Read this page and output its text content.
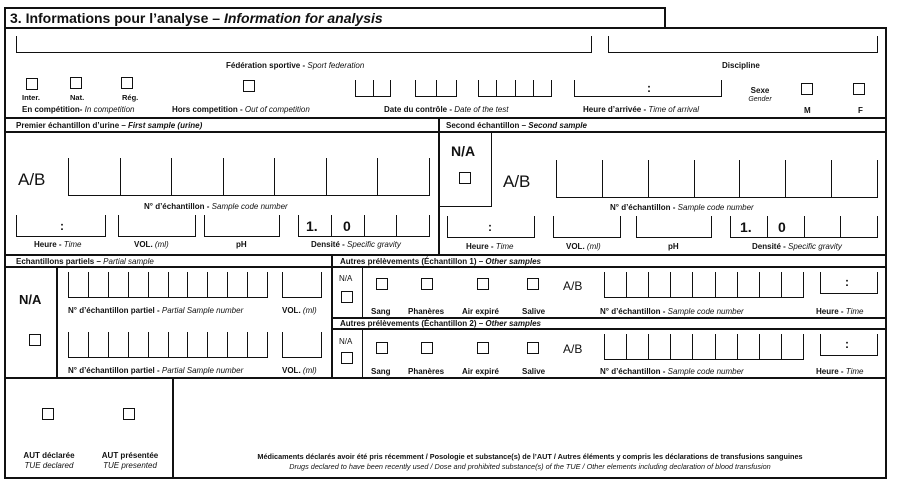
3. Informations pour l’analyse – Information for analysis
Fédération sportive - Sport federation	Discipline
Inter.	Nat.	Rég.
En compétition- In competition	Hors competition - Out of competition	Date du contrôle - Date of the test
:
Heure d’arrivée - Time of arrival
Sexe
Gender
M	F
Premier échantillon d’urine – First sample (urine)
A/B
N° d’échantillon - Sample code number
:	1. 0
Heure - Time	VOL. (ml)	pH	Densité - Specific gravity
Second échantillon – Second sample
N/A
A/B
N° d’échantillon - Sample code number
:	1. 0
Heure - Time	VOL. (ml)	pH	Densité - Specific gravity
Echantillons partiels – Partial sample
N/A
N° d’échantillon partiel - Partial Sample number	VOL. (ml)
N° d’échantillon partiel - Partial Sample number	VOL. (ml)
Autres prélèvements (Échantillon 1) – Other samples
N/A
Sang Phanères Air expiré	Salive
A/B
N° d’échantillon - Sample code number
:
Heure - Time
Autres prélèvements (Échantillon 2) – Other samples
N/A
Sang Phanères Air expiré	Salive
A/B
N° d’échantillon - Sample code number
:
Heure - Time
AUT déclarée
TUE declared
AUT présentée
TUE presented
Médicaments déclarés avoir été pris récemment / Posologie et substance(s) de l’AUT / Autres éléments y compris les déclarations de transfusions sanguines
Drugs declared to have been recently used / Dose and prohibited substance(s) of the TUE / Other elements including declaration of blood transfusion
